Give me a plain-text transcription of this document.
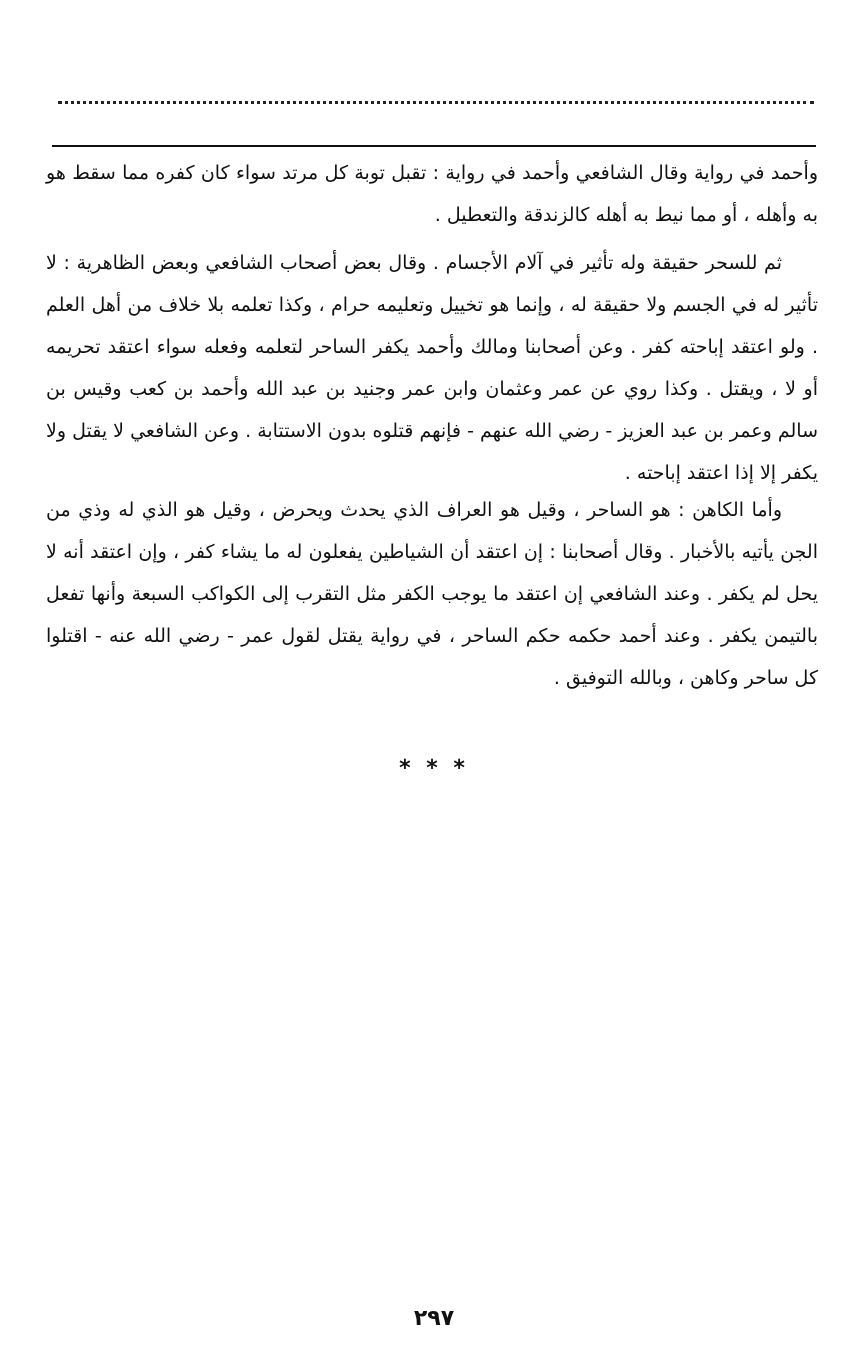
وأحمد في رواية وقال الشافعي وأحمد في رواية : تقبل توبة كل مرتد سواء كان كفره مما سقط هو به وأهله ، أو مما نيط به أهله كالزندقة والتعطيل .

ثم للسحر حقيقة وله تأثير في آلام الأجسام . وقال بعض أصحاب الشافعي وبعض الظاهرية : لا تأثير له في الجسم ولا حقيقة له ، وإنما هو تخييل وتعليمه حرام ، وكذا تعلمه بلا خلاف من أهل العلم . ولو اعتقد إباحته كفر . وعن أصحابنا ومالك وأحمد يكفر الساحر لتعلمه وفعله سواء اعتقد تحريمه أو لا ، ويقتل . وكذا روي عن عمر وعثمان وابن عمر وجنيد بن عبد الله وأحمد بن كعب وقيس بن سالم وعمر بن عبد العزيز - رضي الله عنهم - فإنهم قتلوه بدون الاستتابة . وعن الشافعي لا يقتل ولا يكفر إلا إذا اعتقد إباحته .

وأما الكاهن : هو الساحر ، وقيل هو العراف الذي يحدث ويحرض ، وقيل هو الذي له وذي من الجن يأتيه بالأخبار . وقال أصحابنا : إن اعتقد أن الشياطين يفعلون له ما يشاء كفر ، وإن اعتقد أنه لا يحل لم يكفر . وعند الشافعي إن اعتقد ما يوجب الكفر مثل التقرب إلى الكواكب السبعة وأنها تفعل بالتيمن يكفر . وعند أحمد حكمه حكم الساحر ، في رواية يقتل لقول عمر - رضي الله عنه - اقتلوا كل ساحر وكاهن ، وبالله التوفيق .

* * *
٢٩٧
